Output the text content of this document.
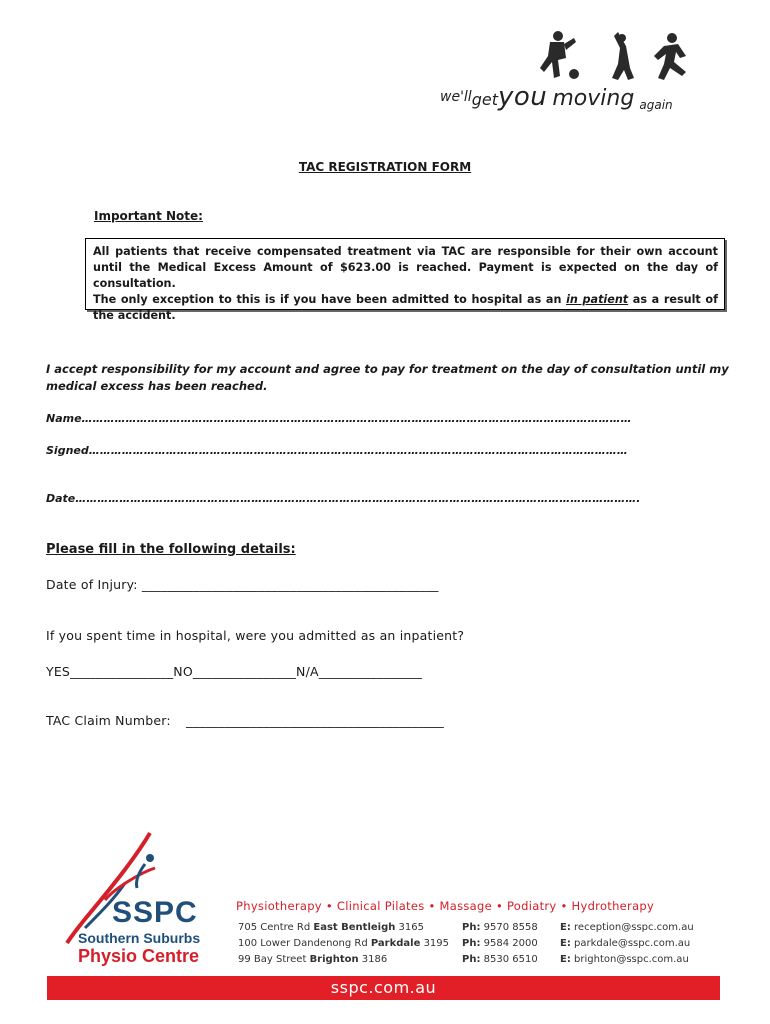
we'llgetyou moving $_{again}$
TAC REGISTRATION FORM
Important Note:
All patients that receive compensated treatment via TAC are responsible for their own account until the Medical Excess Amount of $623.00 is reached. Payment is expected on the day of consultation.
The only exception to this is if you have been admitted to hospital as an in patient as a result of the accident.
I accept responsibility for my account and agree to pay for treatment on the day of consultation until my medical excess has been reached.
Name……………………………………………………………………………………………………………………………………
Signed…………………………………………………………………………………………………………………………………
Date……………………………………………………………………………………………………………………………………….
Please fill in the following details:
Date of Injury: ______________________________________________
If you spent time in hospital, were you admitted as an inpatient?
YES________________NO________________N/A________________
TAC Claim Number: ________________________________________
SSPC
Southern Suburbs
Physio Centre
Physiotherapy • Clinical Pilates • Massage • Podiatry • Hydrotherapy
705 Centre Rd East Bentleigh 3165
100 Lower Dandenong Rd Parkdale 3195
99 Bay Street Brighton 3186
Ph: 9570 8558
Ph: 9584 2000
Ph: 8530 6510
E: reception@sspc.com.au
E: parkdale@sspc.com.au
E: brighton@sspc.com.au
sspc.com.au
